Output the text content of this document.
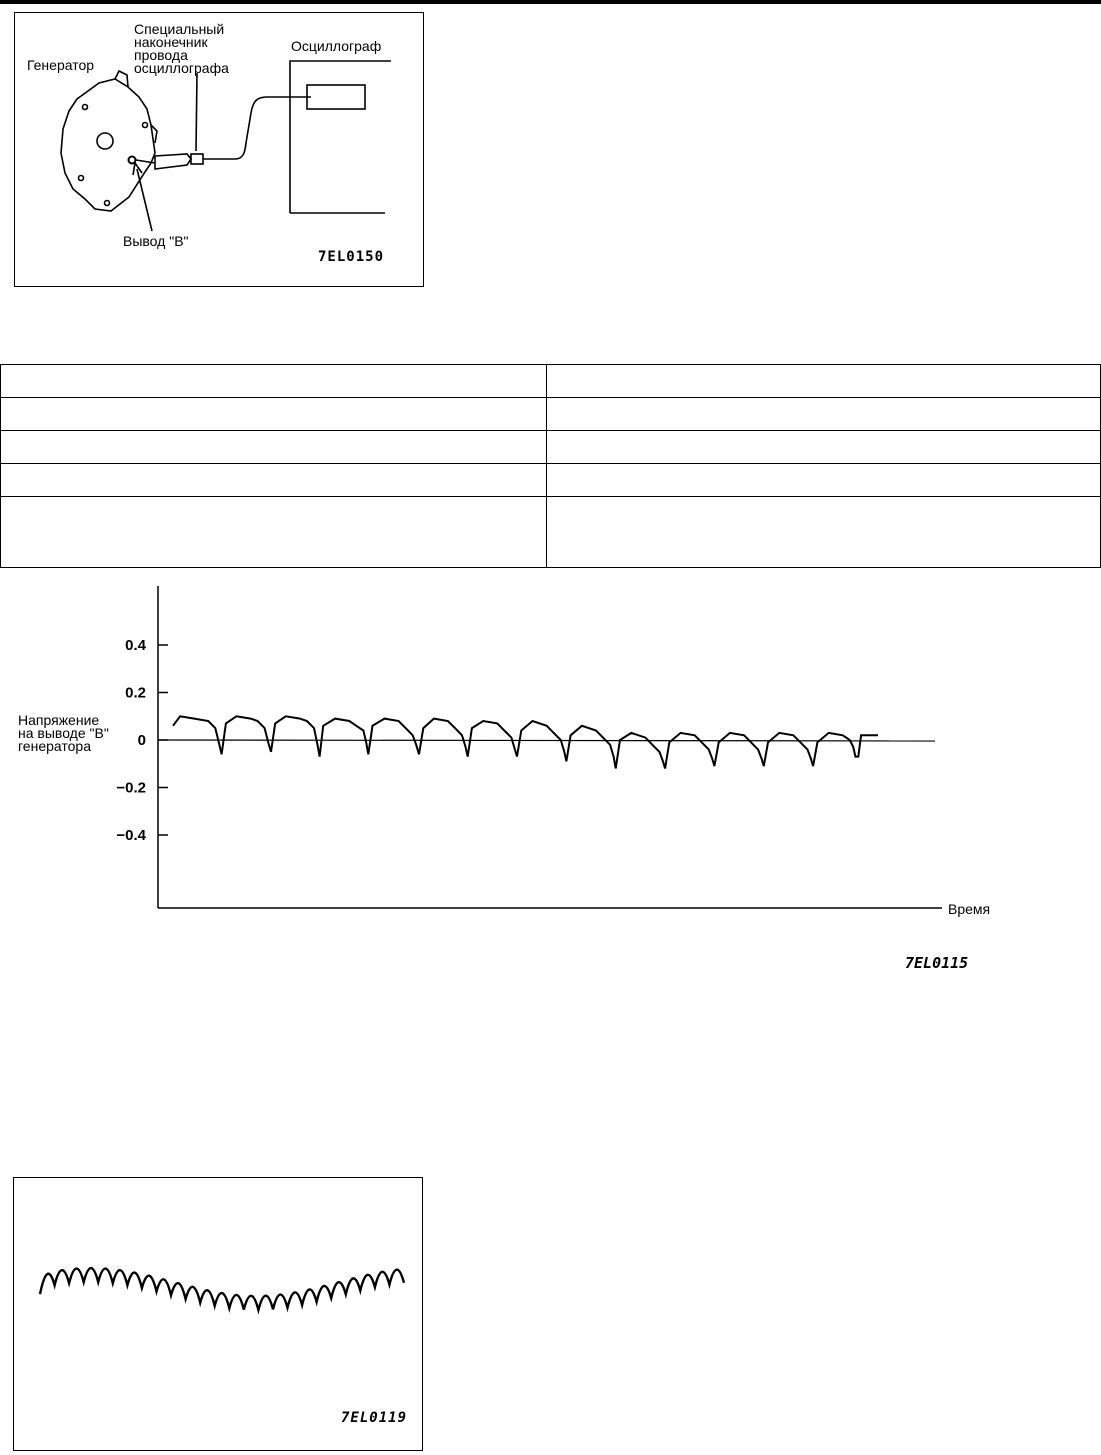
Генератор
Специальный
наконечник
провода
осциллографа
Осциллограф
Вывод "В"
7EL0150

0.4
0.2
0
−0.2
−0.4
Напряжение
на выводе "B"
генератора
Время
7EL0115
7EL0119
